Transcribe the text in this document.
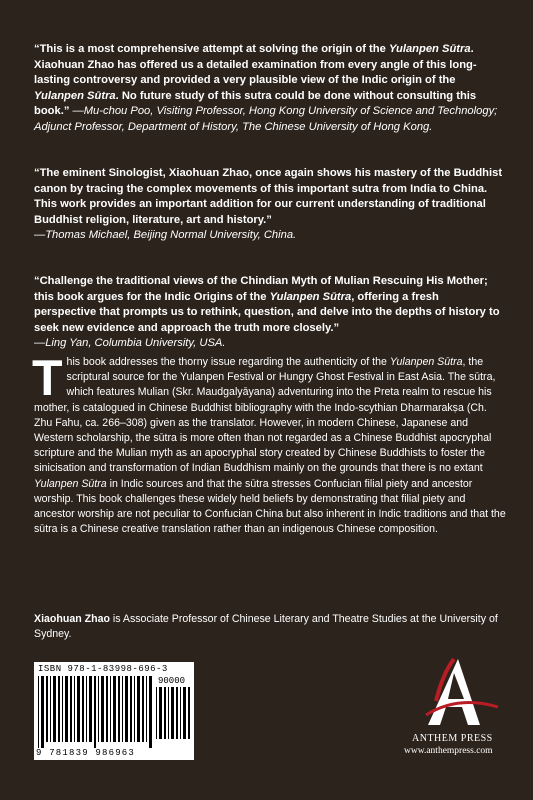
“This is a most comprehensive attempt at solving the origin of the Yulanpen Sūtra. Xiaohuan Zhao has offered us a detailed examination from every angle of this long-lasting controversy and provided a very plausible view of the Indic origin of the Yulanpen Sūtra. No future study of this sutra could be done without consulting this book.” —Mu-chou Poo, Visiting Professor, Hong Kong University of Science and Technology; Adjunct Professor, Department of History, The Chinese University of Hong Kong.
“The eminent Sinologist, Xiaohuan Zhao, once again shows his mastery of the Buddhist canon by tracing the complex movements of this important sutra from India to China. This work provides an important addition for our current understanding of traditional Buddhist religion, literature, art and history.”
—Thomas Michael, Beijing Normal University, China.
“Challenge the traditional views of the Chindian Myth of Mulian Rescuing His Mother; this book argues for the Indic Origins of the Yulanpen Sūtra, offering a fresh perspective that prompts us to rethink, question, and delve into the depths of history to seek new evidence and approach the truth more closely.”
—Ling Yan, Columbia University, USA.
T his book addresses the thorny issue regarding the authenticity of the Yulanpen Sūtra, the scriptural source for the Yulanpen Festival or Hungry Ghost Festival in East Asia. The sūtra, which features Mulian (Skr. Maudgalyāyana) adventuring into the Preta realm to rescue his mother, is catalogued in Chinese Buddhist bibliography with the Indo-scythian Dharmarakṣa (Ch. Zhu Fahu, ca. 266–308) given as the translator. However, in modern Chinese, Japanese and Western scholarship, the sūtra is more often than not regarded as a Chinese Buddhist apocryphal scripture and the Mulian myth as an apocryphal story created by Chinese Buddhists to foster the sinicisation and transformation of Indian Buddhism mainly on the grounds that there is no extant Yulanpen Sūtra in Indic sources and that the sūtra stresses Confucian filial piety and ancestor worship. This book challenges these widely held beliefs by demonstrating that filial piety and ancestor worship are not peculiar to Confucian China but also inherent in Indic traditions and that the sūtra is a Chinese creative translation rather than an indigenous Chinese composition.
Xiaohuan Zhao is Associate Professor of Chinese Literary and Theatre Studies at the University of Sydney.
ISBN 978-1-83998-696-3
90000
9 781839 986963
ANTHEM PRESS
www.anthempress.com
